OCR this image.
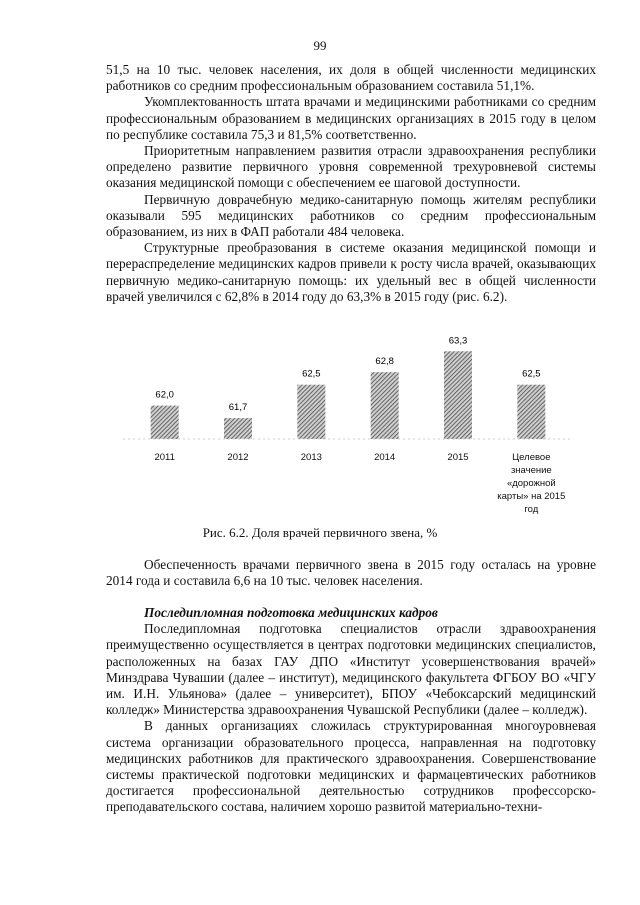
99

51,5 на 10 тыс. человек населения, их доля в общей численности медицинских работников со средним профессиональным образованием составила 51,1%.

Укомплектованность штата врачами и медицинскими работниками со средним профессиональным образованием в медицинских организациях в 2015 году в целом по республике составила 75,3 и 81,5% соответственно.

Приоритетным направлением развития отрасли здравоохранения республики определено развитие первичного уровня современной трехуровневой системы оказания медицинской помощи с обеспечением ее шаговой доступности.

Первичную доврачебную медико-санитарную помощь жителям республики оказывали 595 медицинских работников со средним профессиональным образованием, из них в ФАП работали 484 человека.

Структурные преобразования в системе оказания медицинской помощи и перераспределение медицинских кадров привели к росту числа врачей, оказывающих первичную медико-санитарную помощь: их удельный вес в общей численности врачей увеличился с 62,8% в 2014 году до 63,3% в 2015 году (рис. 6.2).

62,0
61,7
62,5
62,8
63,3
62,5
2011	2012	2013	2014	2015	Целевое
значение
«дорожной
карты» на 2015
год
Рис. 6.2. Доля врачей первичного звена, %

Обеспеченность врачами первичного звена в 2015 году осталась на уровне 2014 года и составила 6,6 на 10 тыс. человек населения.

Последипломная подготовка медицинских кадров

Последипломная подготовка специалистов отрасли здравоохранения преимущественно осуществляется в центрах подготовки медицинских специалистов, расположенных на базах ГАУ ДПО «Институт усовершенствования врачей» Минздрава Чувашии (далее – институт), медицинского факультета ФГБОУ ВО «ЧГУ им. И.Н. Ульянова» (далее – университет), БПОУ «Чебоксарский медицинский колледж» Министерства здравоохранения Чувашской Республики (далее – колледж).

В данных организациях сложилась структурированная многоуровневая система организации образовательного процесса, направленная на подготовку медицинских работников для практического здравоохранения. Совершенствование системы практической подготовки медицинских и фармацевтических работников достигается профессиональной деятельностью сотрудников профессорско-преподавательского состава, наличием хорошо развитой материально-техни-
